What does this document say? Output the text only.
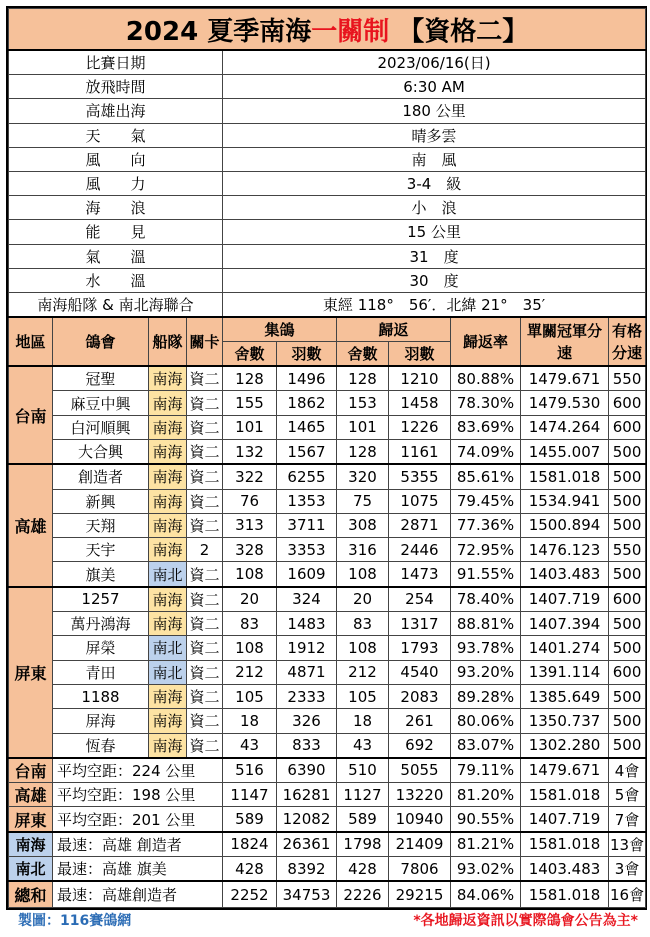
2024 夏季南海一關制 【資格二】										
比賽日期				2023/06/16(日)						
放飛時間				6:30 AM						
高雄出海				180 公里						
天　　氣				晴多雲						
風　　向				南　風						
風　　力				3-4　級						
海　　浪				小　浪						
能　　見				15 公里						
氣　　溫				31　度						
水　　溫				30　度						
南海船隊 & 南北海聯合				東經 118°　56′．北緯 21°　35′						
地區	鴿會	船隊	關卡	集鴿		歸返		歸返率	單關冠軍分速	有格分速
				舍數	羽數	舍數	羽數			
台南	冠聖	南海	資二	128	1496	128	1210	80.88%	1479.671	550
	麻豆中興	南海	資二	155	1862	153	1458	78.30%	1479.530	600
	白河順興	南海	資二	101	1465	101	1226	83.69%	1474.264	600
	大合興	南海	資二	132	1567	128	1161	74.09%	1455.007	500
高雄	創造者	南海	資二	322	6255	320	5355	85.61%	1581.018	500
	新興	南海	資二	76	1353	75	1075	79.45%	1534.941	500
	天翔	南海	資二	313	3711	308	2871	77.36%	1500.894	500
	天宇	南海	2	328	3353	316	2446	72.95%	1476.123	550
	旗美	南北	資二	108	1609	108	1473	91.55%	1403.483	500
屏東	1257	南海	資二	20	324	20	254	78.40%	1407.719	600
	萬丹鴻海	南海	資二	83	1483	83	1317	88.81%	1407.394	500
	屏榮	南北	資二	108	1912	108	1793	93.78%	1401.274	500
	青田	南北	資二	212	4871	212	4540	93.20%	1391.114	600
	1188	南海	資二	105	2333	105	2083	89.28%	1385.649	500
	屏海	南海	資二	18	326	18	261	80.06%	1350.737	500
	恆春	南海	資二	43	833	43	692	83.07%	1302.280	500
台南	平均空距：224 公里			516	6390	510	5055	79.11%	1479.671	4會
高雄	平均空距：198 公里			1147	16281	1127	13220	81.20%	1581.018	5會
屏東	平均空距：201 公里			589	12082	589	10940	90.55%	1407.719	7會
南海	最速：高雄 創造者			1824	26361	1798	21409	81.21%	1581.018	13會
南北	最速：高雄 旗美			428	8392	428	7806	93.02%	1403.483	3會
總和	最速：高雄創造者			2252	34753	2226	29215	84.06%	1581.018	16會
製圖：116賽鴿網	*各地歸返資訊以實際鴿會公告為主*
